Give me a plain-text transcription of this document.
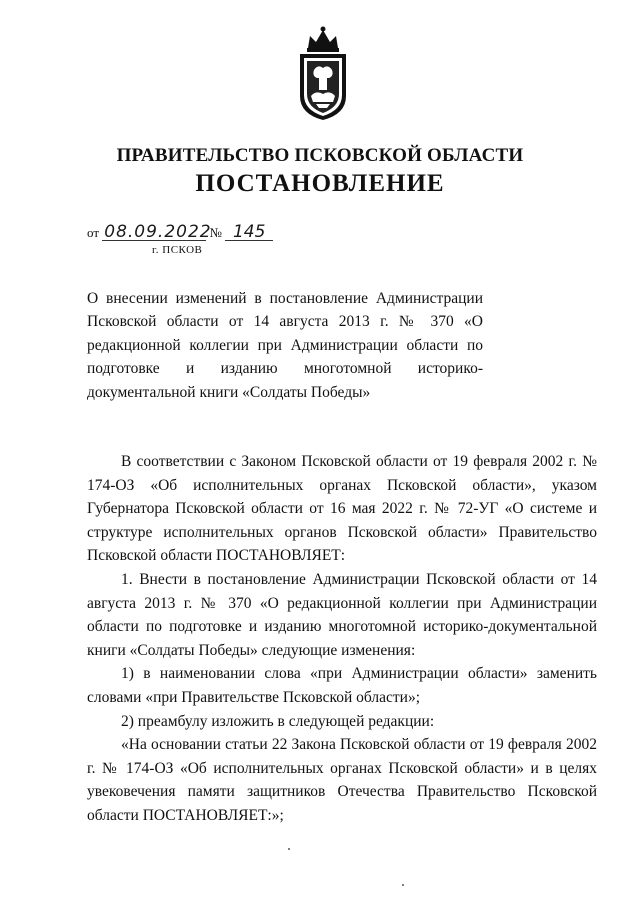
ПРАВИТЕЛЬСТВО ПСКОВСКОЙ ОБЛАСТИ
ПОСТАНОВЛЕНИЕ
от 08.09.2022 № 145
г. ПСКОВ
О внесении изменений в постановление Администрации Псковской области от 14 августа 2013 г. № 370 «О редакционной коллегии при Администрации области по подготовке и изданию многотомной историко-документальной книги «Солдаты Победы»

В соответствии с Законом Псковской области от 19 февраля 2002 г. № 174-ОЗ «Об исполнительных органах Псковской области», указом Губернатора Псковской области от 16 мая 2022 г. № 72-УГ «О системе и структуре исполнительных органов Псковской области» Правительство Псковской области ПОСТАНОВЛЯЕТ:

1. Внести в постановление Администрации Псковской области от 14 августа 2013 г. № 370 «О редакционной коллегии при Администрации области по подготовке и изданию многотомной историко-документальной книги «Солдаты Победы» следующие изменения:

1) в наименовании слова «при Администрации области» заменить словами «при Правительстве Псковской области»;

2) преамбулу изложить в следующей редакции:

«На основании статьи 22 Закона Псковской области от 19 февраля 2002 г. № 174-ОЗ «Об исполнительных органах Псковской области» и в целях увековечения памяти защитников Отечества Правительство Псковской области ПОСТАНОВЛЯЕТ:»;
